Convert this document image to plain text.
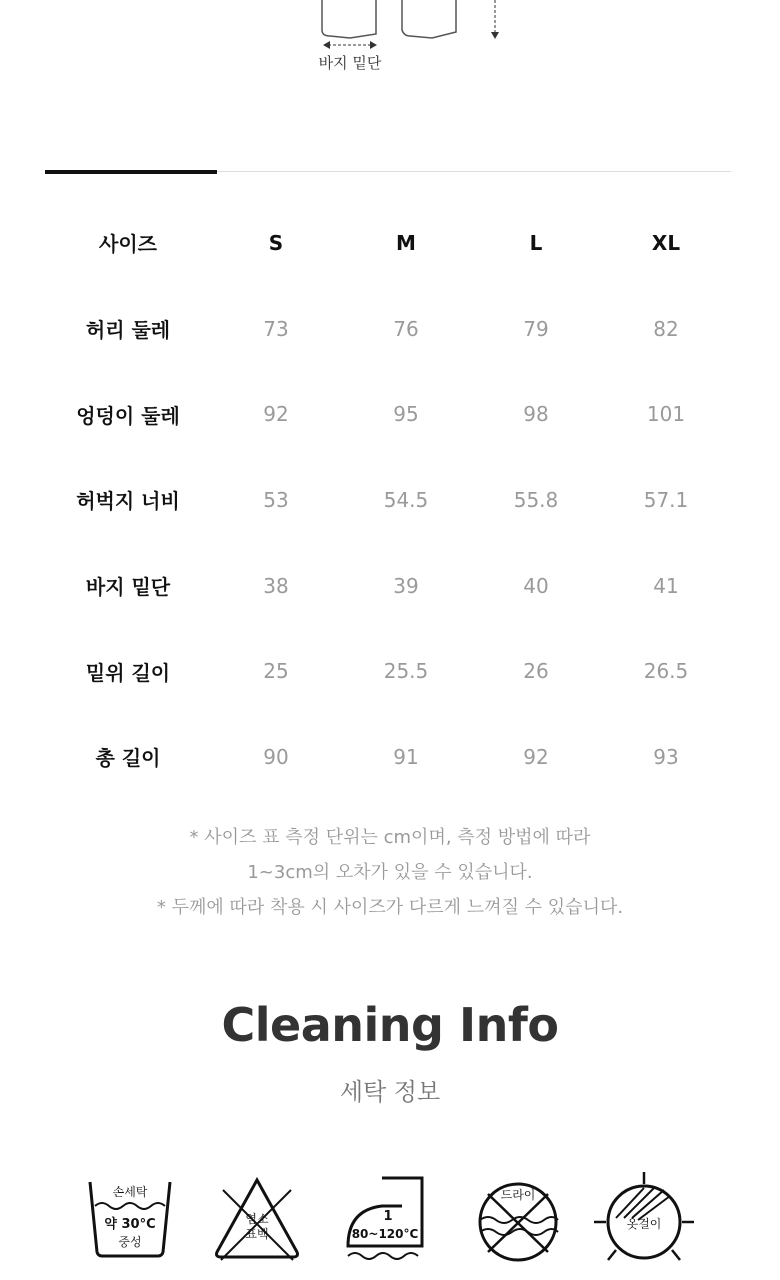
바지 밑단
사이즈	S	M	L	XL
허리 둘레	73	76	79	82
엉덩이 둘레	92	95	98	101
허벅지 너비	53	54.5	55.8	57.1
바지 밑단	38	39	40	41
밑위 길이	25	25.5	26	26.5
총 길이	90	91	92	93
* 사이즈 표 측정 단위는 cm이며, 측정 방법에 따라
1~3cm의 오차가 있을 수 있습니다.
* 두께에 따라 착용 시 사이즈가 다르게 느껴질 수 있습니다.
Cleaning Info
세탁 정보
손세탁
약 30°C
중성
염소
표백
1
80~120°C
드라이
옷걸이
